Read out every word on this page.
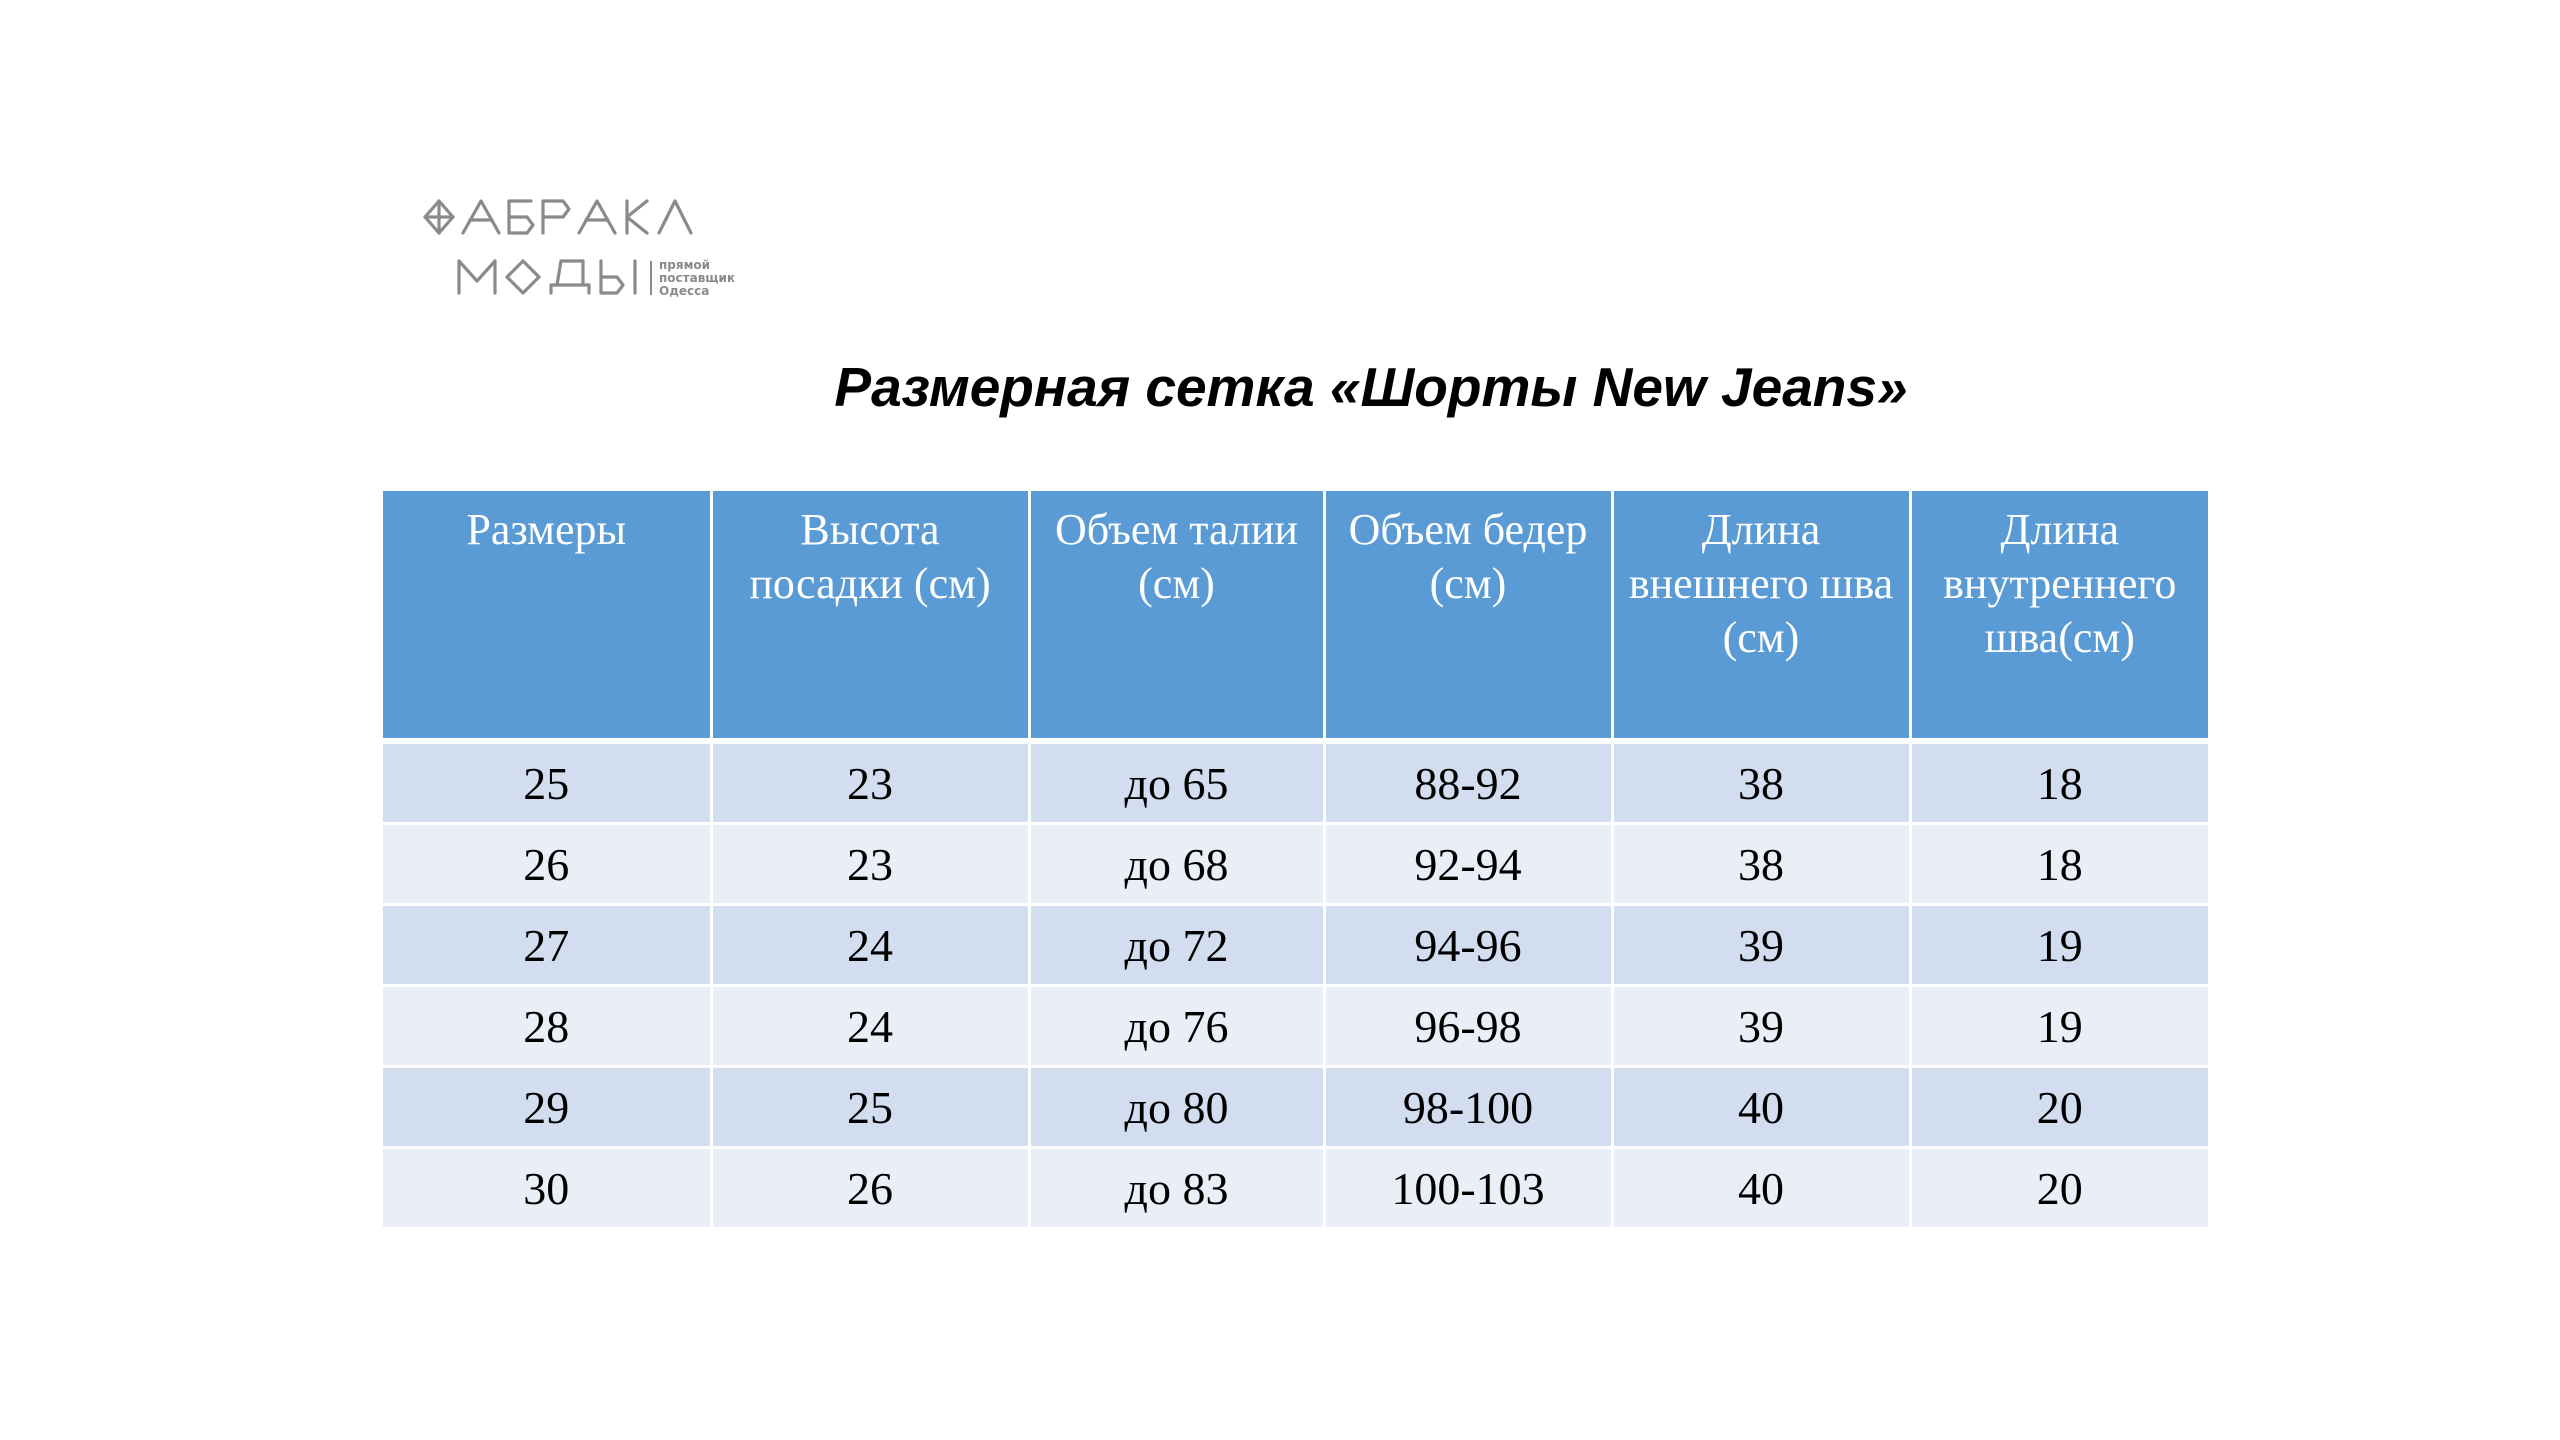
прямой
поставщик
Одесса
Размерная сетка «Шорты New Jeans»
Размеры	Высота посадки (см)	Объем талии (см)	Объем бедер (см)	Длина внешнего шва (см)	Длина внутреннего шва(см)
25	23	до 65	88-92	38	18
26	23	до 68	92-94	38	18
27	24	до 72	94-96	39	19
28	24	до 76	96-98	39	19
29	25	до 80	98-100	40	20
30	26	до 83	100-103	40	20
